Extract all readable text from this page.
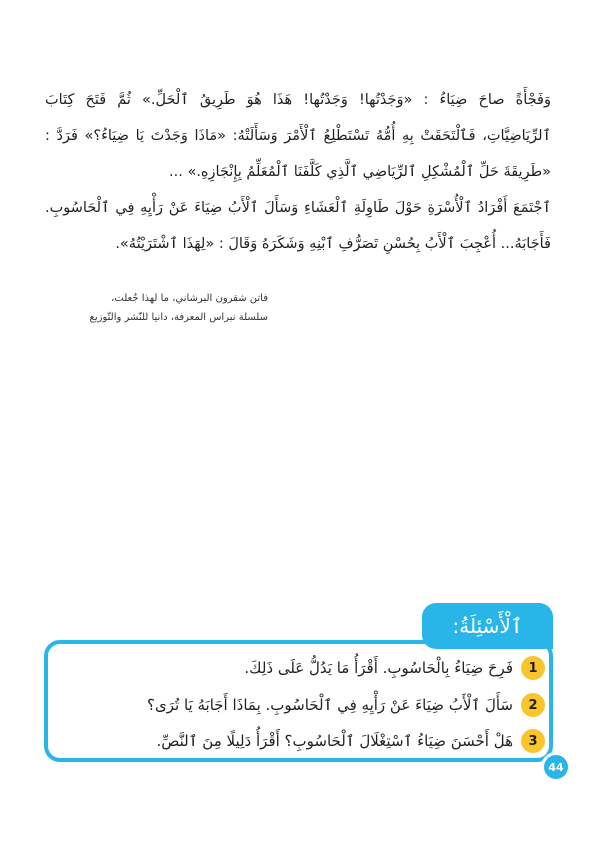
وَفَجْأَةً صاحَ ضِيَاءُ : «وَجَدْتُها! وَجَدْتُها! هَذَا هُوَ طَرِيقُ ٱلْحَلِّ.» ثُمَّ فَتَحَ كِتَابَ
ٱلرِّيَاضِيَّاتِ، فَٱلْتَحَقَتْ بِهِ أُمُّهُ تَسْتَطْلِعُ ٱلْأَمْرَ وَسَأَلَتْهُ: «مَاذَا وَجَدْتَ يَا ضِيَاءُ؟» فَرَدَّ :
«طَرِيقَةَ حَلِّ ٱلْمُشْكِلِ ٱلرِّيَاضِي ٱلَّذِي كَلَّفَنَا ٱلْمُعَلِّمُ بِإِنْجَازِهِ.» ...
ٱجْتَمَعَ أَفْرَادُ ٱلْأُسْرَةِ حَوْلَ طَاوِلَةِ ٱلْعَشَاءِ وَسَأَلَ ٱلْأَبُ ضِيَاءَ عَنْ رَأْيِهِ فِي ٱلْحَاسُوبِ.
فَأَجَابَهُ... أُعْجِبَ ٱلْأَبُ بِحُسْنِ تَصَرُّفِ ٱبْنِهِ وَشَكَرَهُ وَقَالَ : «لِهَذَا ٱشْتَرَيْتُهُ».
فاتن شقرون البرشاني، ما لهذا جُعلت،
سلسلة نبراس المعرفة، دانيا للنّشر والتّوزيع
ٱلْأَسْئِلَةُ:
1
فَرِحَ ضِيَاءُ بِالْحَاسُوبِ. أَقْرَأُ مَا يَدُلُّ عَلَى ذَلِكَ.
2
سَأَلَ ٱلْأَبُ ضِيَاءَ عَنْ رَأْيِهِ فِي ٱلْحَاسُوبِ. بِمَاذَا أَجَابَهُ يَا تُرَى؟
3
هَلْ أَحْسَنَ ضِيَاءُ ٱسْتِغْلَالَ ٱلْحَاسُوبِ؟ أَقْرَأُ دَلِيلًا مِنَ ٱلنَّصِّ.
44
